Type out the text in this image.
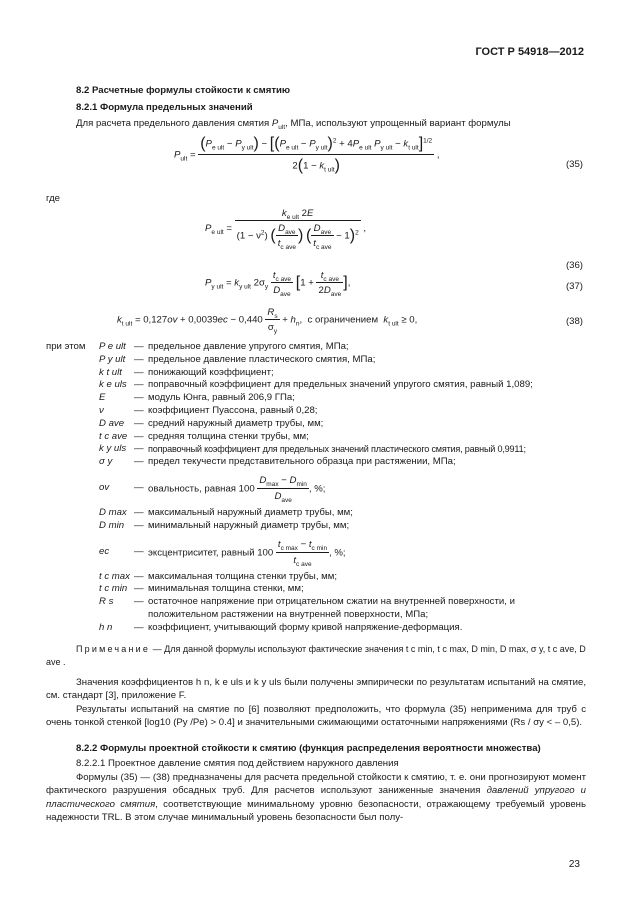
ГОСТ Р 54918—2012
8.2 Расчетные формулы стойкости к смятию
8.2.1 Формула предельных значений
Для расчета предельного давления смятия $P_{ult}$, МПа, используют упрощенный вариант формулы
$P_{ult}$ =
$(P_{e ult} - P_{y ult}) - [(P_{e ult} - P_{y ult})^2 + 4P_{e ult}$ $P_{y ult} - k_{t ult}]^{1/2}$
$2(1 - k_{t ult})$
,
(35)
где
$P_{e ult} = \frac{k_{e ult} 2E}{(1 - \nu^2) ( \frac{D_{ave}}{t_{c ave}} ) ( \frac{D_{ave}}{t_{c ave}} - 1)^2}$ ,
(36)
$P_{y ult} = k_{y ult}$ $2\sigma_y \frac{t_{c ave}}{D_{ave}} [1 + \frac{t_{c ave}}{2D_{ave}}$ ],	(37)
$k_{t ult} = 0,127ov + 0,0039ec - 0,440 \frac{R_s}{\sigma_y} + h_n$,  с ограничением $k_{t ult} \ge 0$,	(38)
при этом	P e ult — предельное давление упругого смятия, МПа;
P y ult — предельное давление пластического смятия, МПа;
k t ult	— понижающий коэффициент;
k e uls — поправочный коэффициент для предельных значений упругого смятия, равный 1,089;
E	— модуль Юнга, равный 206,9 ГПа;
ν	— коэффициент Пуассона, равный 0,28;
D ave	— средний наружный диаметр трубы, мм;
t c ave — средняя толщина стенки трубы, мм;
k y uls — поправочный коэффициент для предельных значений пластического смятия, равный 0,9911;
σ y	— предел текучести представительного образца при растяжении, МПа;
ov	— овальность, равная $100 \frac{D_{max} - D_{min}}{D_{ave}}$ , %;
D max — максимальный наружный диаметр трубы, мм;
D min	— минимальный наружный диаметр трубы, мм;
ec	— эксцентриситет, равный $100 \frac{t_{c max} - t_{c min}}{t_{c ave}}$ , %;
t c max — максимальная толщина стенки трубы, мм;
t c min — минимальная толщина стенки, мм;
R s	— остаточное напряжение при отрицательном сжатии на внутренней поверхности, и положительном растяжении на внутренней поверхности, МПа;
h n	— коэффициент, учитывающий форму кривой напряжение-деформация.
Примечание — Для данной формулы используют фактические значения t c min, t c max, D min, D max, σ y, t c ave, D ave .
Значения коэффициентов h n, k e uls и k y uls были получены эмпирически по результатам испытаний на смятие, см. стандарт [3], приложение F.
Результаты испытаний на смятие по [6] позволяют предположить, что формула (35) неприменима для труб с очень тонкой стенкой [log10 (Py /Pe) > 0.4] и значительными сжимающими остаточными напряжениями (Rs / σy < – 0,5).
8.2.2 Формулы проектной стойкости к смятию (функция распределения вероятности множества)
8.2.2.1 Проектное давление смятия под действием наружного давления
Формулы (35) — (38) предназначены для расчета предельной стойкости к смятию, т. е. они прогнозируют момент фактического разрушения обсадных труб. Для расчетов используют заниженные значения давлений упругого и пластического смятия, соответствующие минимальному уровню безопасности, отражающему требуемый уровень надежности TRL. В этом случае минимальный уровень безопасности был полу-
23
